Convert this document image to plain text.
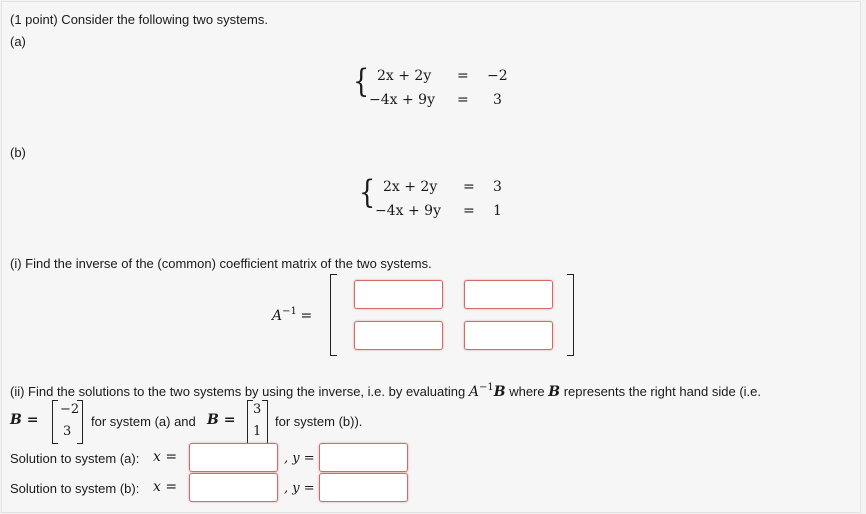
(1 point) Consider the following two systems.
(a)
{ 2x + 2y = −2
−4x + 9y = 3
(b)
{ 2x + 2y = 3
−4x + 9y = 1
(i) Find the inverse of the (common) coefficient matrix of the two systems.
$A^{-1}$ =
(ii) Find the solutions to the two systems by using the inverse, i.e. by evaluating $A^{-1}B$ where B represents the right hand side (i.e.
B =
−2
3
for system (a) and B =
3
1
for system (b)).
Solution to system (a): x =	, y =
Solution to system (b): x =	, y =
